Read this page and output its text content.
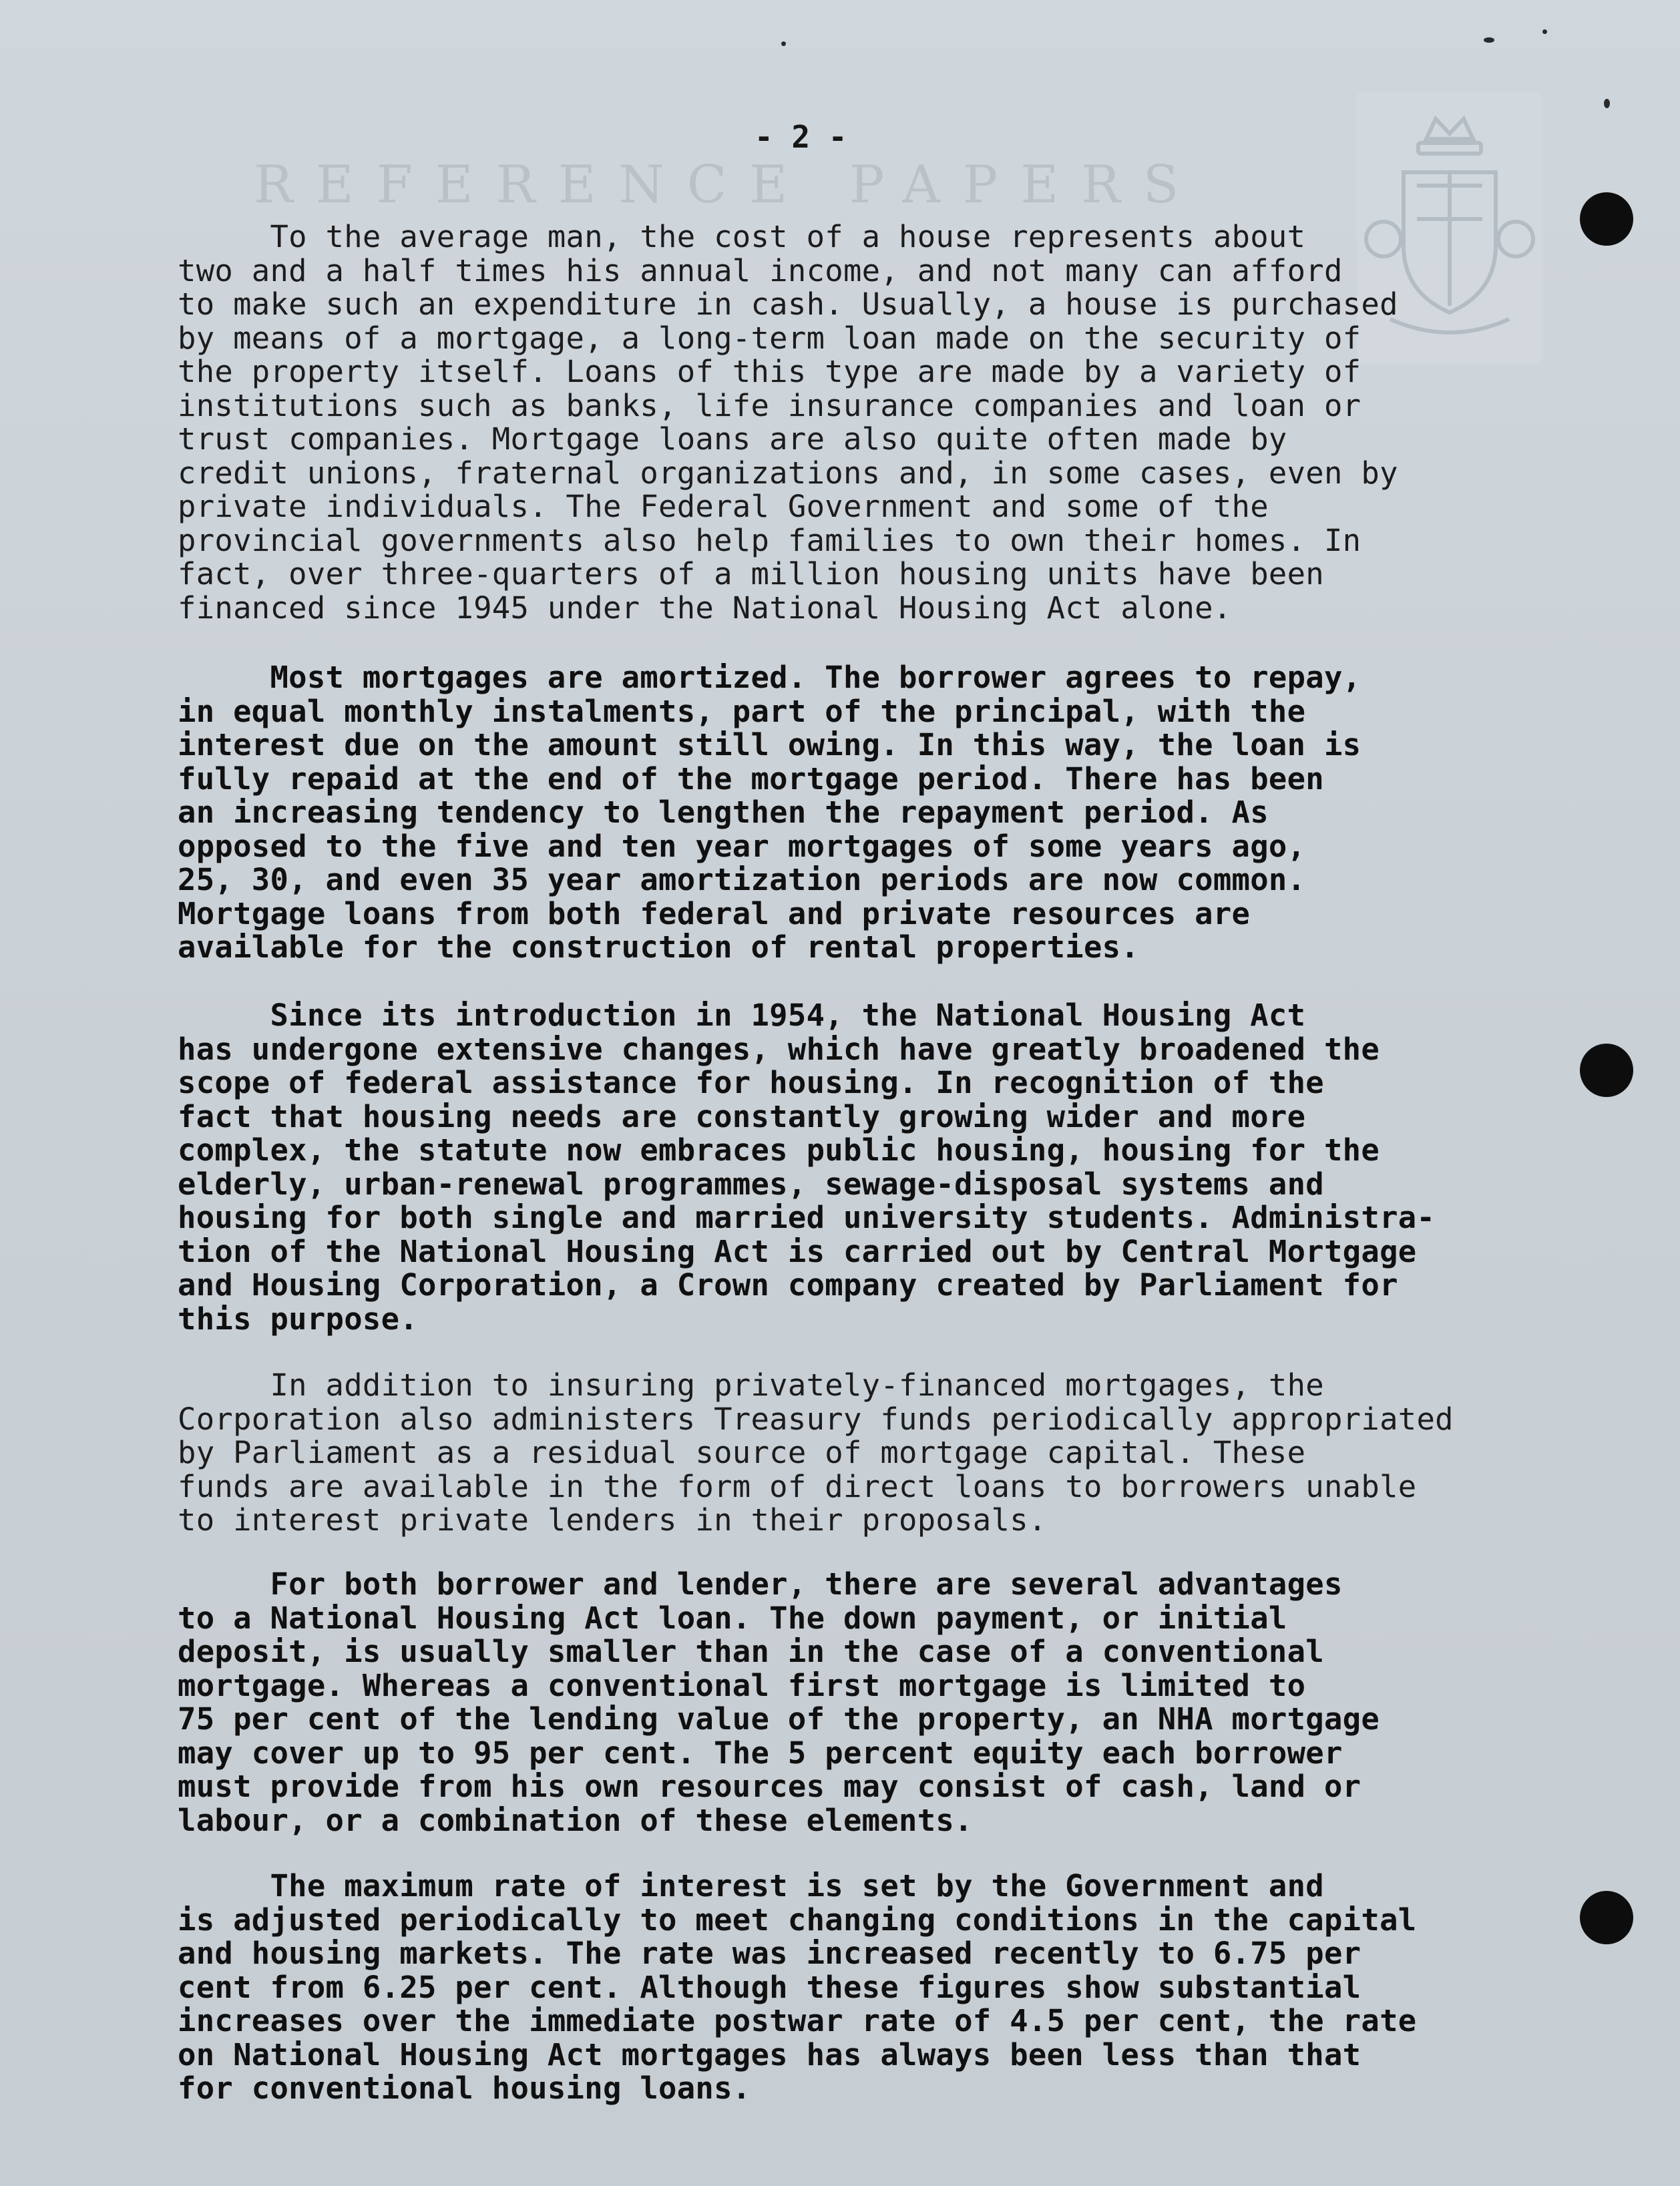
REFERENCE PAPERS
- 2 -

To the average man, the cost of a house represents about
two and a half times his annual income, and not many can afford
to make such an expenditure in cash. Usually, a house is purchased
by means of a mortgage, a long-term loan made on the security of
the property itself. Loans of this type are made by a variety of
institutions such as banks, life insurance companies and loan or
trust companies. Mortgage loans are also quite often made by
credit unions, fraternal organizations and, in some cases, even by
private individuals. The Federal Government and some of the
provincial governments also help families to own their homes. In
fact, over three-quarters of a million housing units have been
financed since 1945 under the National Housing Act alone.

Most mortgages are amortized. The borrower agrees to repay,
in equal monthly instalments, part of the principal, with the
interest due on the amount still owing. In this way, the loan is
fully repaid at the end of the mortgage period. There has been
an increasing tendency to lengthen the repayment period. As
opposed to the five and ten year mortgages of some years ago,
25, 30, and even 35 year amortization periods are now common.
Mortgage loans from both federal and private resources are
available for the construction of rental properties.

Since its introduction in 1954, the National Housing Act
has undergone extensive changes, which have greatly broadened the
scope of federal assistance for housing. In recognition of the
fact that housing needs are constantly growing wider and more
complex, the statute now embraces public housing, housing for the
elderly, urban-renewal programmes, sewage-disposal systems and
housing for both single and married university students. Administra-
tion of the National Housing Act is carried out by Central Mortgage
and Housing Corporation, a Crown company created by Parliament for
this purpose.

In addition to insuring privately-financed mortgages, the
Corporation also administers Treasury funds periodically appropriated
by Parliament as a residual source of mortgage capital. These
funds are available in the form of direct loans to borrowers unable
to interest private lenders in their proposals.

For both borrower and lender, there are several advantages
to a National Housing Act loan. The down payment, or initial
deposit, is usually smaller than in the case of a conventional
mortgage. Whereas a conventional first mortgage is limited to
75 per cent of the lending value of the property, an NHA mortgage
may cover up to 95 per cent. The 5 percent equity each borrower
must provide from his own resources may consist of cash, land or
labour, or a combination of these elements.

The maximum rate of interest is set by the Government and
is adjusted periodically to meet changing conditions in the capital
and housing markets. The rate was increased recently to 6.75 per
cent from 6.25 per cent. Although these figures show substantial
increases over the immediate postwar rate of 4.5 per cent, the rate
on National Housing Act mortgages has always been less than that
for conventional housing loans.
